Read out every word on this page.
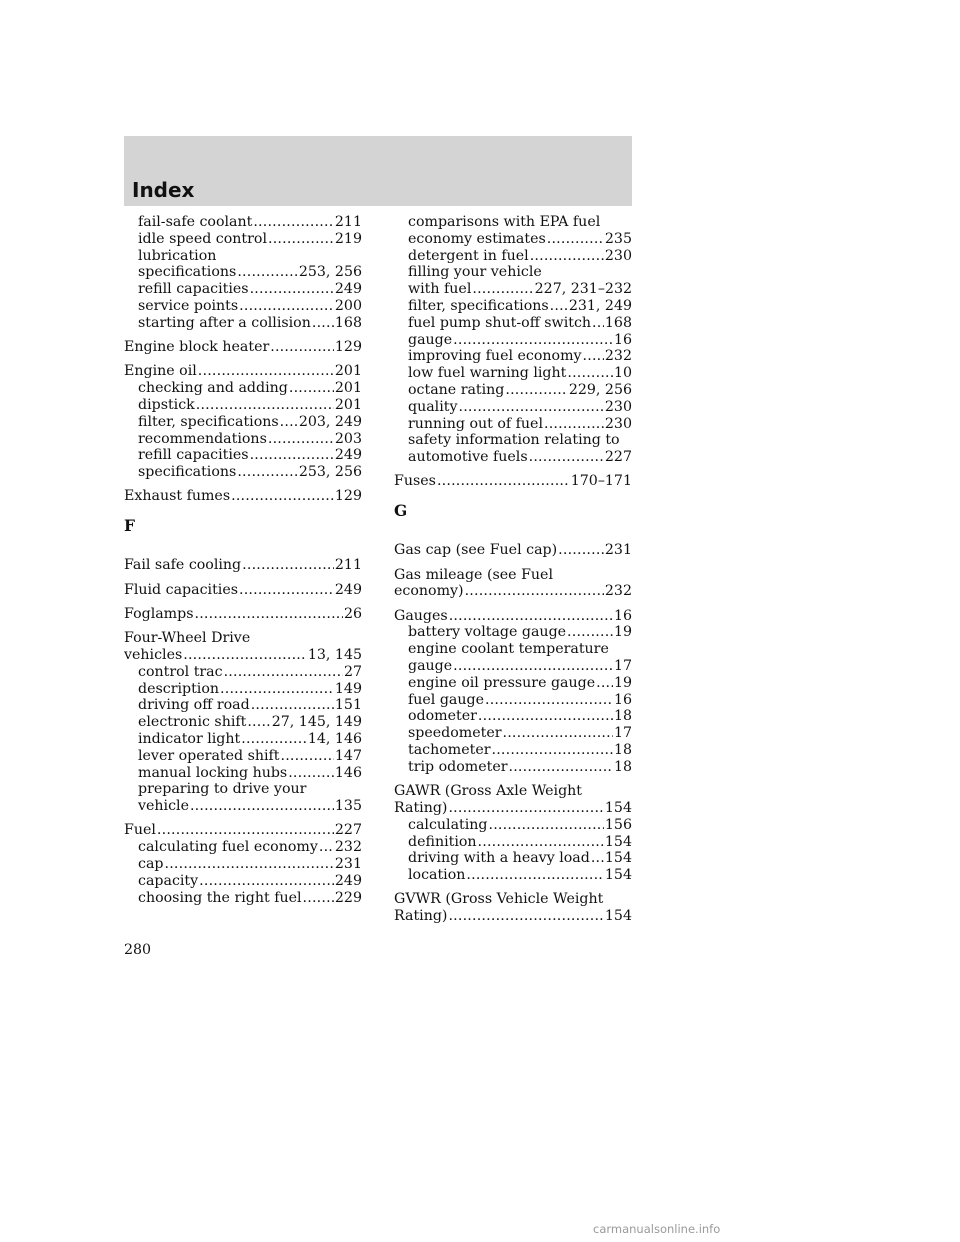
Index
fail-safe coolant .....	211
idle speed control .....	219
lubrication
specifications .....	253, 256
refill capacities .....	249
service points .....	200
starting after a collision ..... 168
Engine block heater .....	129
Engine oil .....	201
checking and adding .....	201
dipstick .....	201
filter, specifications ..... 203, 249
recommendations .....	203
refill capacities .....	249
specifications .....	253, 256
Exhaust fumes .....	129
F
Fail safe cooling .....	211
Fluid capacities .....	249
Foglamps .....	26
Four-Wheel Drive
vehicles .....	13, 145
control trac .....	27
description .....	149
driving off road .....	151
electronic shift ..... 27, 145, 149
indicator light .....	14, 146
lever operated shift .....	147
manual locking hubs .....	146
preparing to drive your
vehicle .....	135
Fuel .....	227
calculating fuel economy ..... 232
cap .....	231
capacity .....	249
choosing the right fuel ..... 229
comparisons with EPA fuel
economy estimates .....	235
detergent in fuel .....	230
filling your vehicle
with fuel .....	227, 231–232
filter, specifications ..... 231, 249
fuel pump shut-off switch ..... 168
gauge .....	16
improving fuel economy ..... 232
low fuel warning light .....	10
octane rating .....	229, 256
quality .....	230
running out of fuel .....	230
safety information relating to
automotive fuels .....	227
Fuses .....	170–171
G
Gas cap (see Fuel cap) .....	231
Gas mileage (see Fuel
economy) .....	232
Gauges .....	16
battery voltage gauge .....	19
engine coolant temperature
gauge .....	17
engine oil pressure gauge ..... 19
fuel gauge .....	16
odometer .....	18
speedometer .....	17
tachometer .....	18
trip odometer .....	18
GAWR (Gross Axle Weight
Rating) .....	154
calculating .....	156
definition .....	154
driving with a heavy load ..... 154
location .....	154
GVWR (Gross Vehicle Weight
Rating) .....	154
280
carmanualsonline.info
